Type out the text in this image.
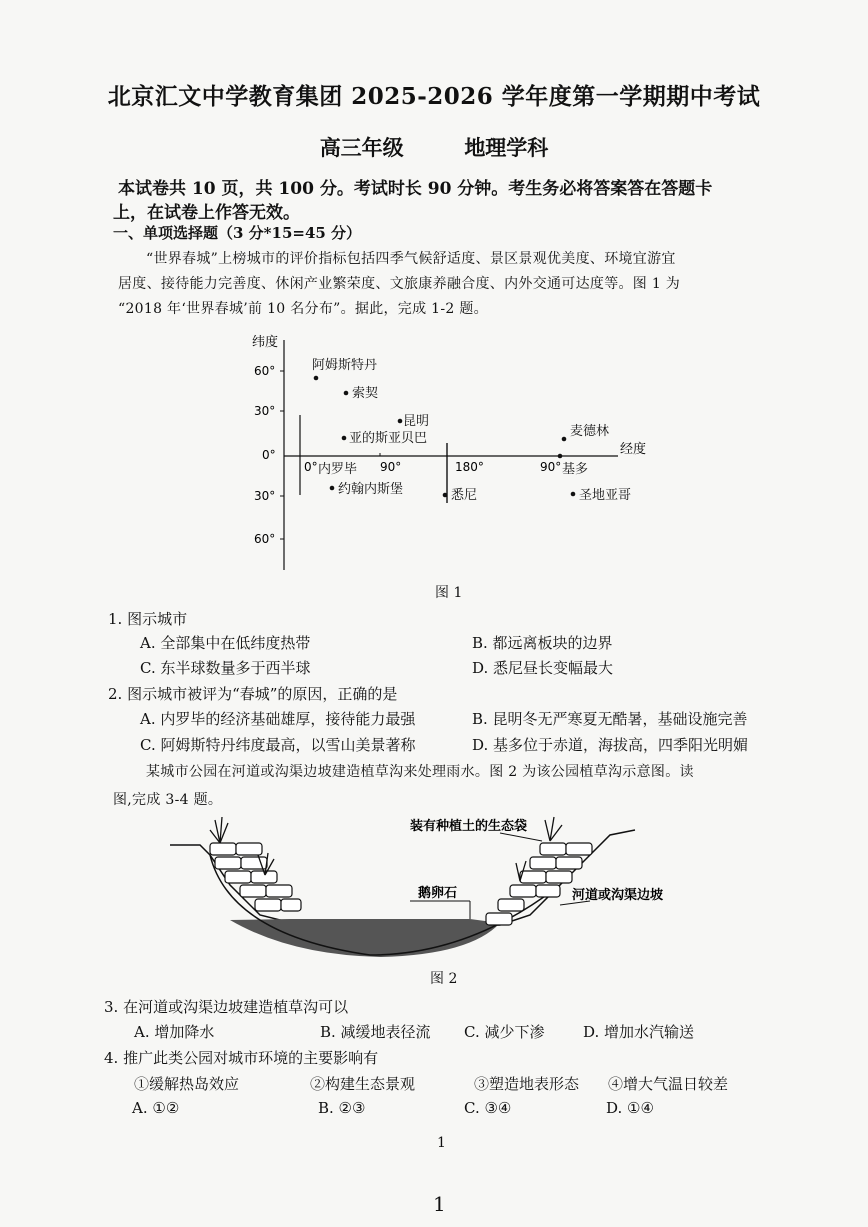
北京汇文中学教育集团 2025-2026 学年度第一学期期中考试
高三年级	地理学科
本试卷共 10 页，共 100 分。考试时长 90 分钟。考生务必将答案答在答题卡
上，在试卷上作答无效。
一、单项选择题（3 分*15=45 分）
“世界春城”上榜城市的评价指标包括四季气候舒适度、景区景观优美度、环境宜游宜
居度、接待能力完善度、休闲产业繁荣度、文旅康养融合度、内外交通可达度等。图 1 为
“2018 年‘世界春城’前 10 名分布”。据此，完成 1-2 题。
纬度
经度
60°
30°
0°
30°
60°
0°	90°	180°	90°
阿姆斯特丹
索契
昆明
亚的斯亚贝巴
内罗毕
约翰内斯堡	悉尼
麦德林
基多
圣地亚哥
图 1
1. 图示城市
A. 全部集中在低纬度热带	B. 都远离板块的边界
C. 东半球数量多于西半球	D. 悉尼昼长变幅最大
2. 图示城市被评为“春城”的原因，正确的是
A. 内罗毕的经济基础雄厚，接待能力最强	B. 昆明冬无严寒夏无酷暑，基础设施完善
C. 阿姆斯特丹纬度最高，以雪山美景著称	D. 基多位于赤道，海拔高，四季阳光明媚
某城市公园在河道或沟渠边坡建造植草沟来处理雨水。图 2 为该公园植草沟示意图。读
图,完成 3-4 题。
装有种植土的生态袋
鹅卵石	河道或沟渠边坡
图 2
3. 在河道或沟渠边坡建造植草沟可以
A. 增加降水	B. 减缓地表径流 C. 减少下渗	D. 增加水汽输送
4. 推广此类公园对城市环境的主要影响有
①缓解热岛效应	②构建生态景观	③塑造地表形态 ④增大气温日较差
A. ①②	B. ②③	C. ③④	D. ①④
1
1
